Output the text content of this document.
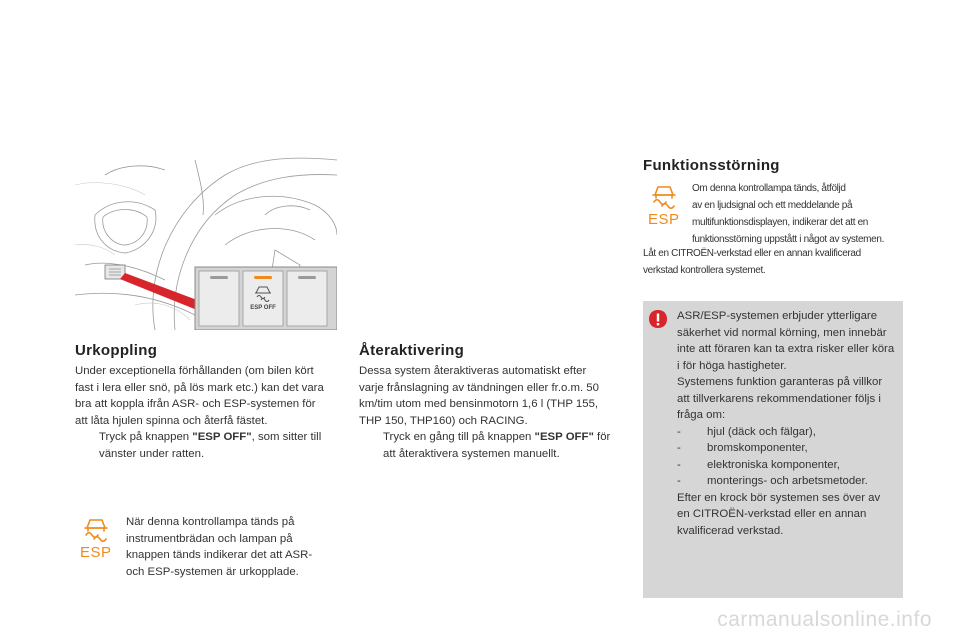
ESP OFF
Urkoppling

Under exceptionella förhållanden (om bilen kört fast i lera eller snö, på lös mark etc.) kan det vara bra att koppla ifrån ASR- och ESP-systemen för att låta hjulen spinna och återfå fästet.

Tryck på knappen "ESP OFF", som sitter till vänster under ratten.
ESP
När denna kontrollampa tänds på instrumentbrädan och lampan på knappen tänds indikerar det att ASR- och ESP-systemen är urkopplade.
Återaktivering

Dessa system återaktiveras automatiskt efter varje frånslagning av tändningen eller fr.o.m. 50 km/tim utom med bensinmotorn 1,6 l (THP 155, THP 150, THP160) och RACING.

Tryck en gång till på knappen "ESP OFF" för att återaktivera systemen manuellt.
Funktionsstörning
ESP
Om denna kontrollampa tänds, åtföljd
av en ljudsignal och ett meddelande på
multifunktionsdisplayen, indikerar det att en
funktionsstörning uppstått i något av systemen.
Låt en CITROËN-verkstad eller en annan kvalificerad
verkstad kontrollera systemet.

ASR/ESP-systemen erbjuder ytterligare säkerhet vid normal körning, men innebär inte att föraren kan ta extra risker eller köra i för höga hastigheter.

Systemens funktion garanteras på villkor att tillverkarens rekommendationer följs i fråga om:

-	hjul (däck och fälgar),
-	bromskomponenter,
-	elektroniska komponenter,
-	monterings- och arbetsmetoder.

Efter en krock bör systemen ses över av en CITROËN-verkstad eller en annan kvalificerad verkstad.

carmanualsonline.info
